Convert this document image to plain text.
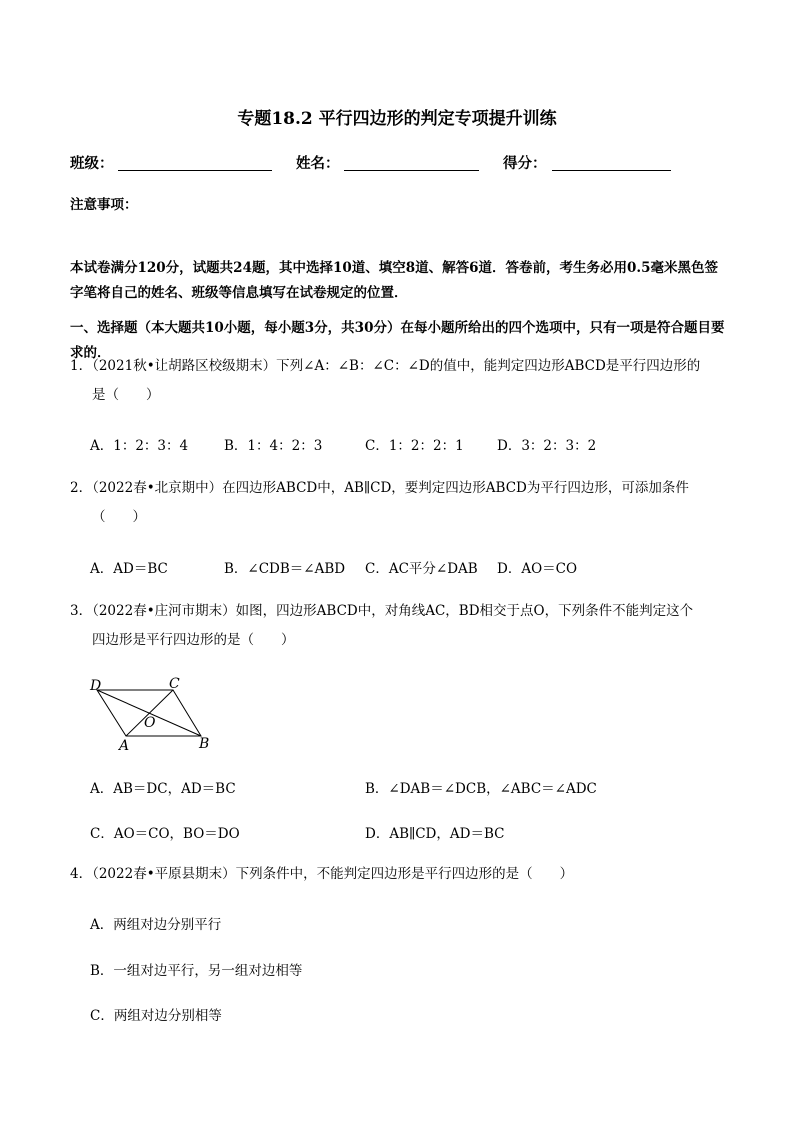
专题18.2 平行四边形的判定专项提升训练
班级：	姓名：	得分：
注意事项：
本试卷满分120分，试题共24题，其中选择10道、填空8道、解答6道．答卷前，考生务必用0.5毫米黑色签字笔将自己的姓名、班级等信息填写在试卷规定的位置．
一、选择题（本大题共10小题，每小题3分，共30分）在每小题所给出的四个选项中，只有一项是符合题目要求的．
1．（2021秋•让胡路区校级期末）下列∠A：∠B：∠C：∠D的值中，能判定四边形ABCD是平行四边形的
是（　　）
A．1：2：3：4	B．1：4：2：3	C．1：2：2：1 D．3：2：3：2
2．（2022春•北京期中）在四边形ABCD中，AB∥CD，要判定四边形ABCD为平行四边形，可添加条件
（　　）
A．AD＝BC	B．∠CDB＝∠ABD C．AC平分∠DAB D．AO＝CO
3．（2022春•庄河市期末）如图，四边形ABCD中，对角线AC，BD相交于点O，下列条件不能判定这个
四边形是平行四边形的是（　　）
D	C
O
A	B
A．AB＝DC，AD＝BC	B．∠DAB＝∠DCB，∠ABC＝∠ADC
C．AO＝CO，BO＝DO	D．AB∥CD，AD＝BC
4．（2022春•平原县期末）下列条件中，不能判定四边形是平行四边形的是（　　）
A．两组对边分别平行
B．一组对边平行，另一组对边相等
C．两组对边分别相等
